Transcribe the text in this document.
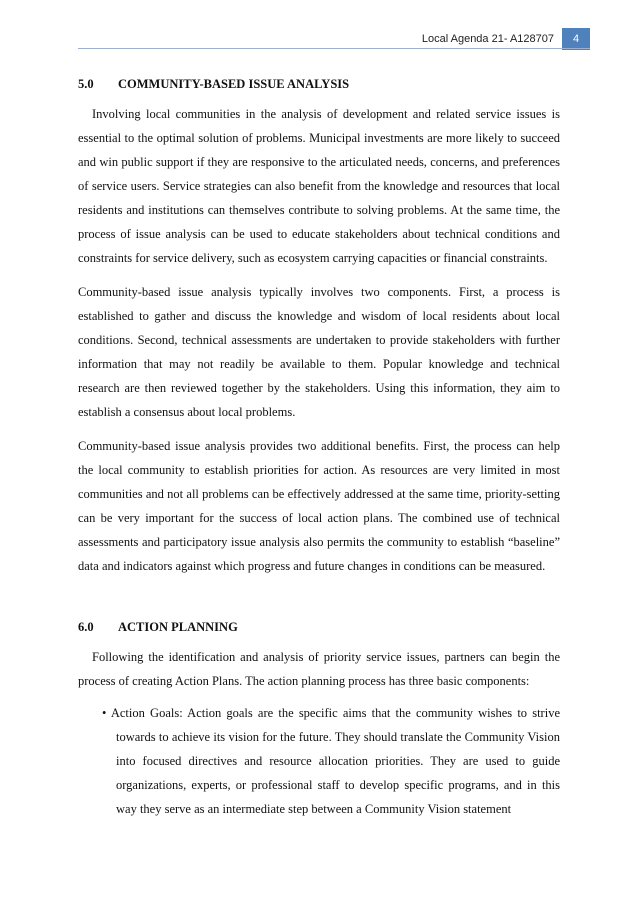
Local Agenda 21- A128707	4

5.0 COMMUNITY-BASED ISSUE ANALYSIS

Involving local communities in the analysis of development and related service issues is essential to the optimal solution of problems. Municipal investments are more likely to succeed and win public support if they are responsive to the articulated needs, concerns, and preferences of service users. Service strategies can also benefit from the knowledge and resources that local residents and institutions can themselves contribute to solving problems. At the same time, the process of issue analysis can be used to educate stakeholders about technical conditions and constraints for service delivery, such as ecosystem carrying capacities or financial constraints.

Community-based issue analysis typically involves two components. First, a process is established to gather and discuss the knowledge and wisdom of local residents about local conditions. Second, technical assessments are undertaken to provide stakeholders with further information that may not readily be available to them. Popular knowledge and technical research are then reviewed together by the stakeholders. Using this information, they aim to establish a consensus about local problems.

Community-based issue analysis provides two additional benefits. First, the process can help the local community to establish priorities for action. As resources are very limited in most communities and not all problems can be effectively addressed at the same time, priority-setting can be very important for the success of local action plans. The combined use of technical assessments and participatory issue analysis also permits the community to establish “baseline” data and indicators against which progress and future changes in conditions can be measured.

6.0 ACTION PLANNING

Following the identification and analysis of priority service issues, partners can begin the process of creating Action Plans. The action planning process has three basic components:

• Action Goals: Action goals are the specific aims that the community wishes to strive towards to achieve its vision for the future. They should translate the Community Vision into focused directives and resource allocation priorities. They are used to guide organizations, experts, or professional staff to develop specific programs, and in this way they serve as an intermediate step between a Community Vision statement
